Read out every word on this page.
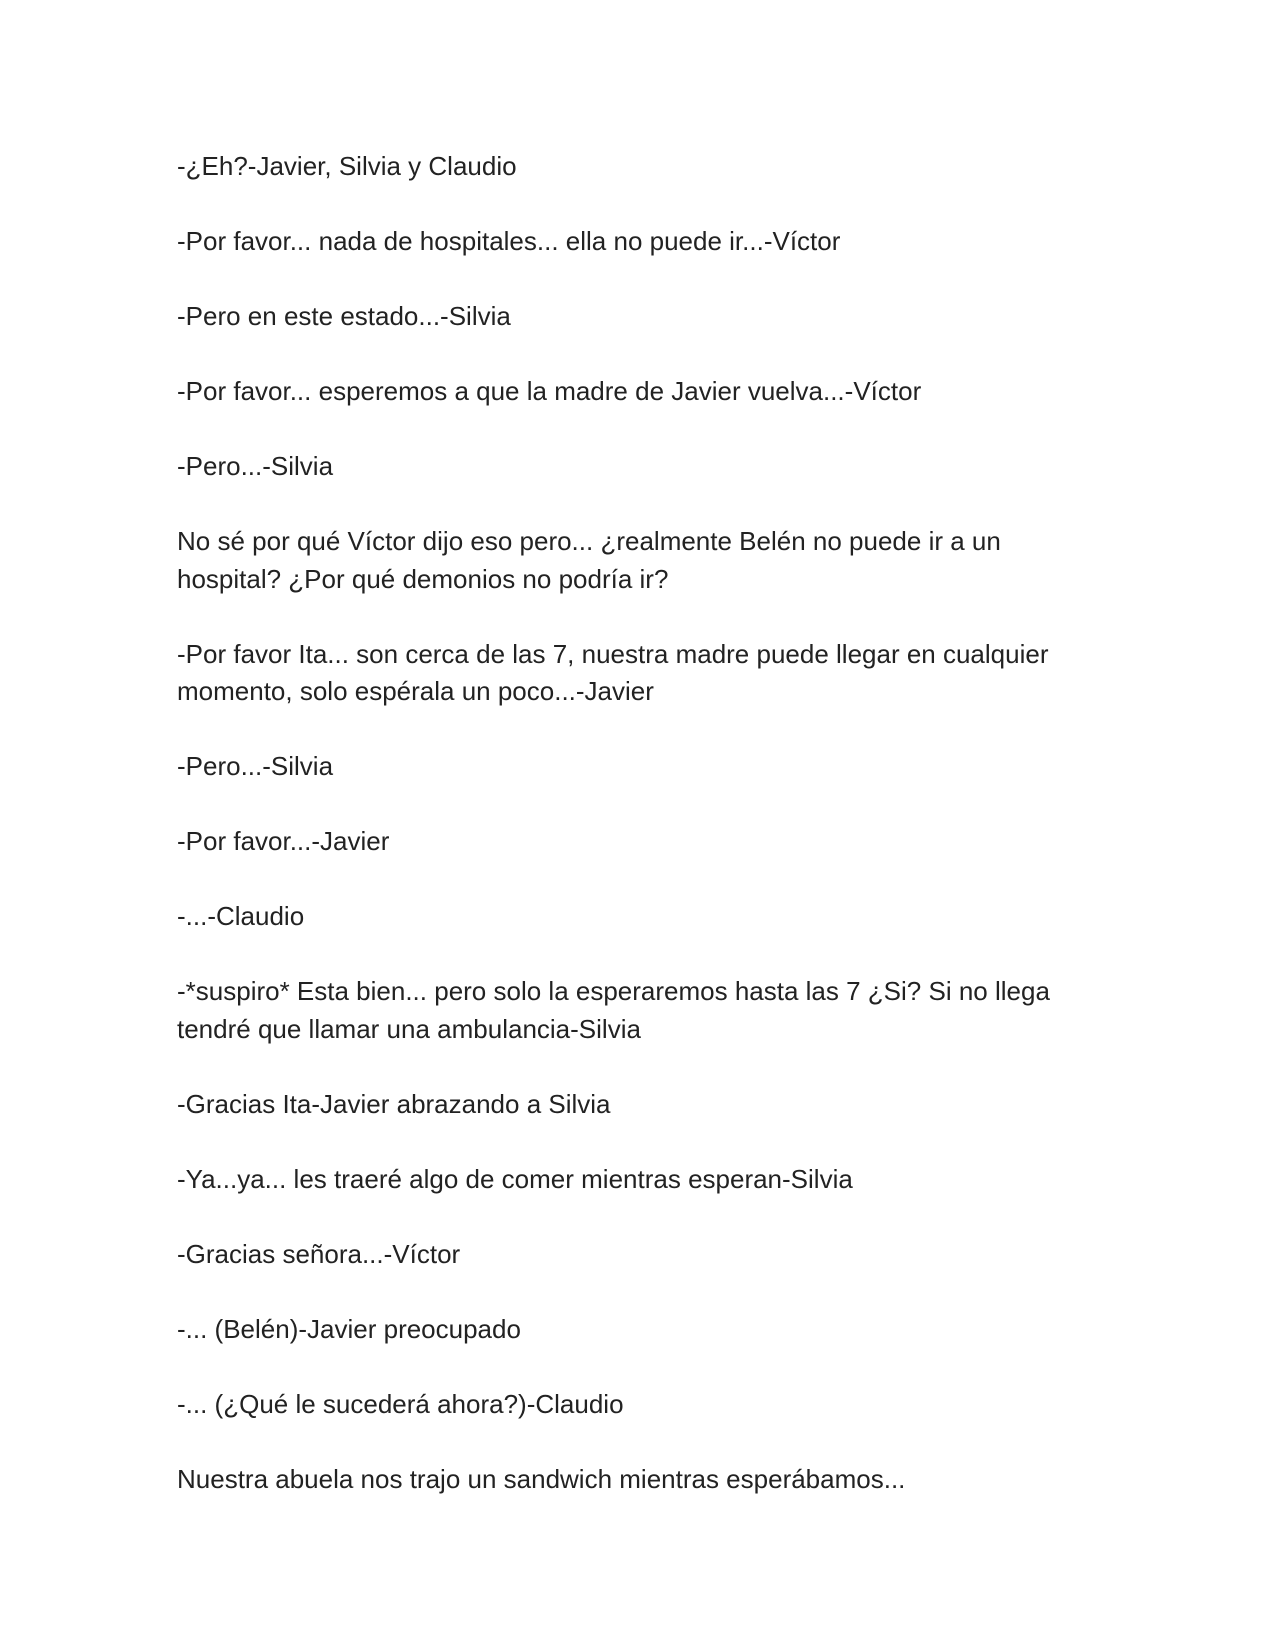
-¿Eh?-Javier, Silvia y Claudio

-Por favor... nada de hospitales... ella no puede ir...-Víctor

-Pero en este estado...-Silvia

-Por favor... esperemos a que la madre de Javier vuelva...-Víctor

-Pero...-Silvia

No sé por qué Víctor dijo eso pero... ¿realmente Belén no puede ir a un hospital? ¿Por qué demonios no podría ir?

-Por favor Ita... son cerca de las 7, nuestra madre puede llegar en cualquier momento, solo espérala un poco...-Javier

-Pero...-Silvia

-Por favor...-Javier

-...-Claudio

-*suspiro* Esta bien... pero solo la esperaremos hasta las 7 ¿Si? Si no llega tendré que llamar una ambulancia-Silvia

-Gracias Ita-Javier abrazando a Silvia

-Ya...ya... les traeré algo de comer mientras esperan-Silvia

-Gracias señora...-Víctor

-... (Belén)-Javier preocupado

-... (¿Qué le sucederá ahora?)-Claudio

Nuestra abuela nos trajo un sandwich mientras esperábamos...
